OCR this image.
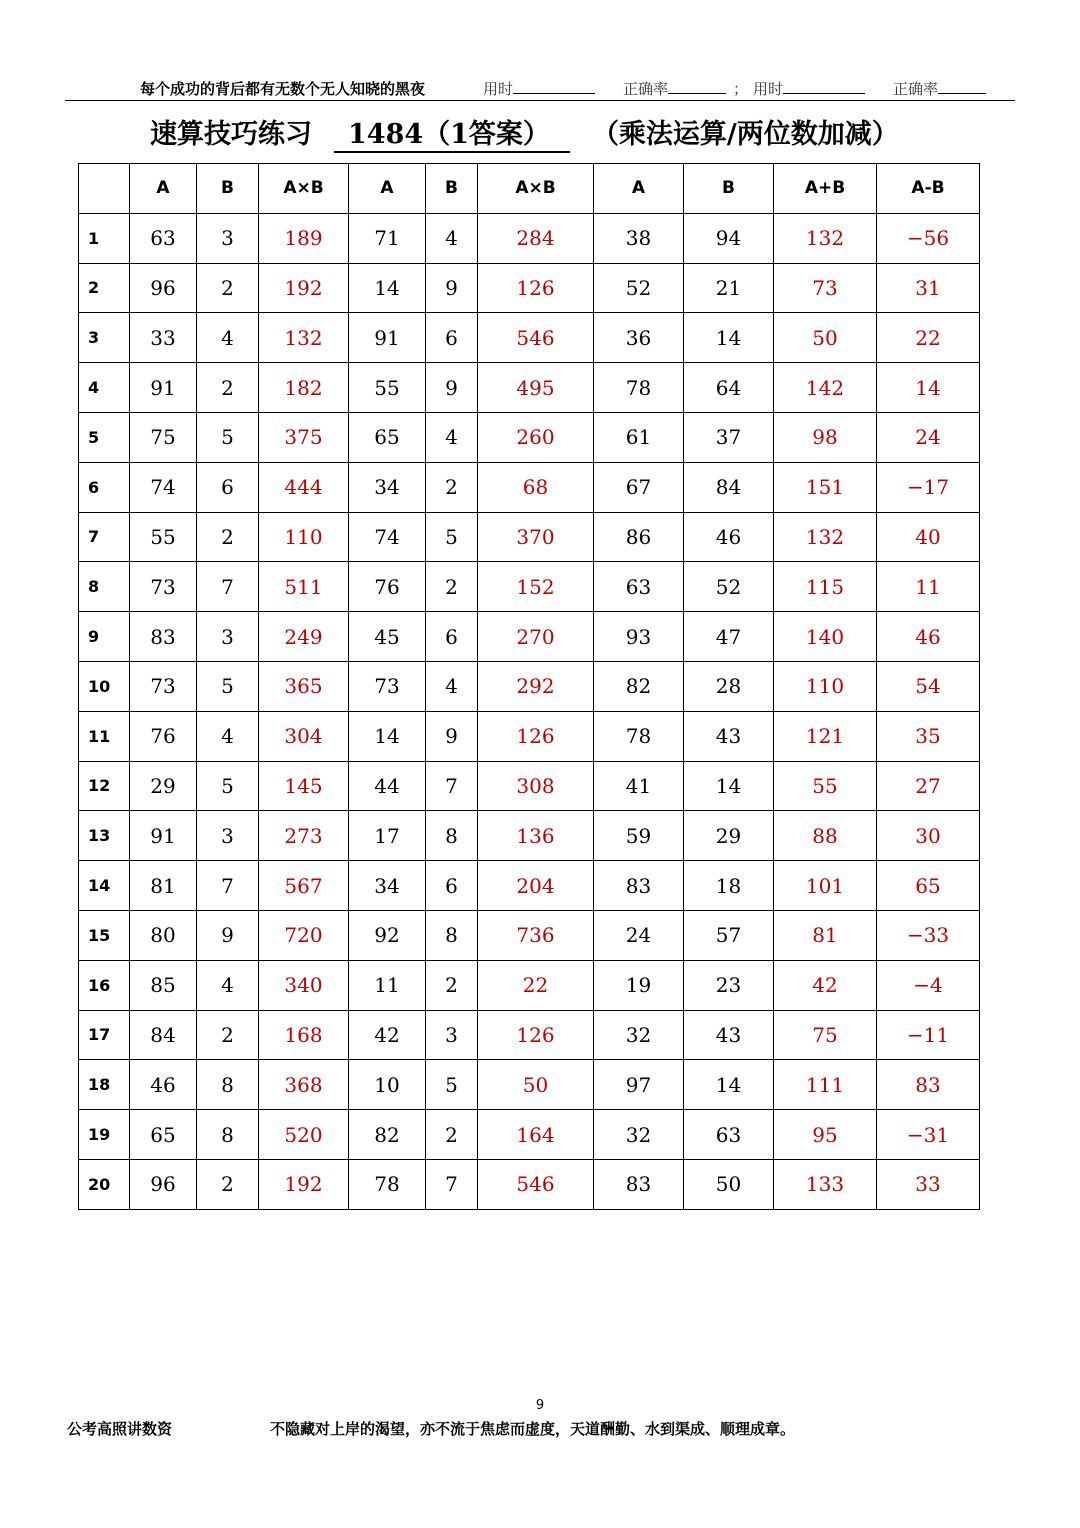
每个成功的背后都有无数个无人知晓的黑夜	用时	正确率	； 用时	正确率
速算技巧练习 1484（1答案） （乘法运算/两位数加减）
	A	B	A×B	A	B	A×B	A	B	A+B	A-B
1	63	3	189	71	4	284	38	94	132	−56
2	96	2	192	14	9	126	52	21	73	31
3	33	4	132	91	6	546	36	14	50	22
4	91	2	182	55	9	495	78	64	142	14
5	75	5	375	65	4	260	61	37	98	24
6	74	6	444	34	2	68	67	84	151	−17
7	55	2	110	74	5	370	86	46	132	40
8	73	7	511	76	2	152	63	52	115	11
9	83	3	249	45	6	270	93	47	140	46
10	73	5	365	73	4	292	82	28	110	54
11	76	4	304	14	9	126	78	43	121	35
12	29	5	145	44	7	308	41	14	55	27
13	91	3	273	17	8	136	59	29	88	30
14	81	7	567	34	6	204	83	18	101	65
15	80	9	720	92	8	736	24	57	81	−33
16	85	4	340	11	2	22	19	23	42	−4
17	84	2	168	42	3	126	32	43	75	−11
18	46	8	368	10	5	50	97	14	111	83
19	65	8	520	82	2	164	32	63	95	−31
20	96	2	192	78	7	546	83	50	133	33
9
公考高照讲数资	不隐藏对上岸的渴望，亦不流于焦虑而虚度，天道酬勤、水到渠成、顺理成章。
